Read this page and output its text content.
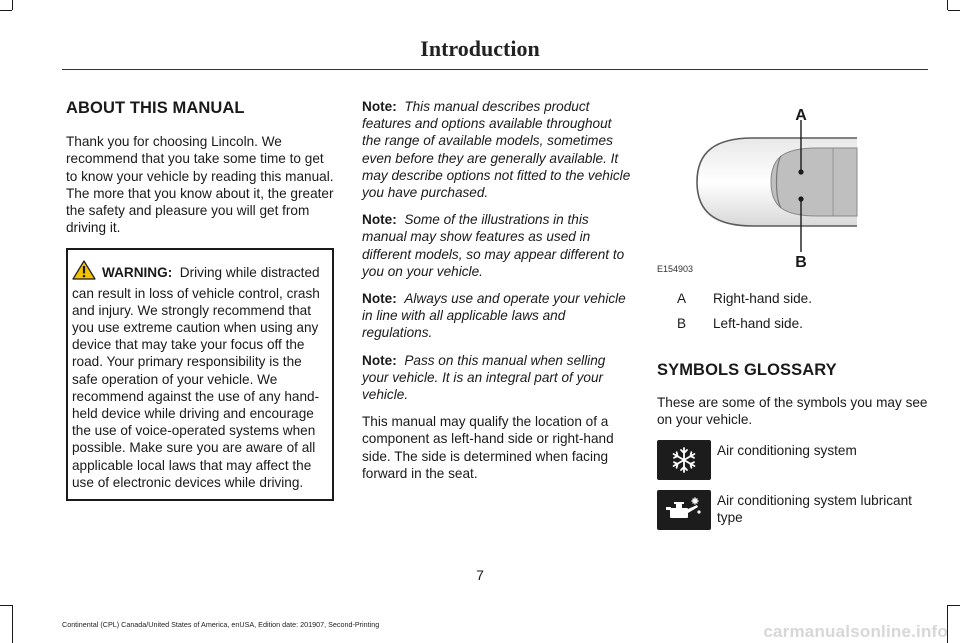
Introduction
ABOUT THIS MANUAL

Thank you for choosing Lincoln. We recommend that you take some time to get to know your vehicle by reading this manual. The more that you know about it, the greater the safety and pleasure you will get from driving it.

WARNING: Driving while distracted can result in loss of vehicle control, crash and injury. We strongly recommend that you use extreme caution when using any device that may take your focus off the road. Your primary responsibility is the safe operation of your vehicle. We recommend against the use of any hand-held device while driving and encourage the use of voice-operated systems when possible. Make sure you are aware of all applicable local laws that may affect the use of electronic devices while driving.

Note: This manual describes product features and options available throughout the range of available models, sometimes even before they are generally available. It may describe options not fitted to the vehicle you have purchased.

Note: Some of the illustrations in this manual may show features as used in different models, so may appear different to you on your vehicle.

Note: Always use and operate your vehicle in line with all applicable laws and regulations.

Note: Pass on this manual when selling your vehicle. It is an integral part of your vehicle.

This manual may qualify the location of a component as left-hand side or right-hand side. The side is determined when facing forward in the seat.

A
B
E154903
A	Right-hand side.
B	Left-hand side.
SYMBOLS GLOSSARY

These are some of the symbols you may see on your vehicle.

Air conditioning system
Air conditioning system lubricant type
7
Continental (CPL) Canada/United States of America, enUSA, Edition date: 201907, Second-Printing	carmanualsonline.info
